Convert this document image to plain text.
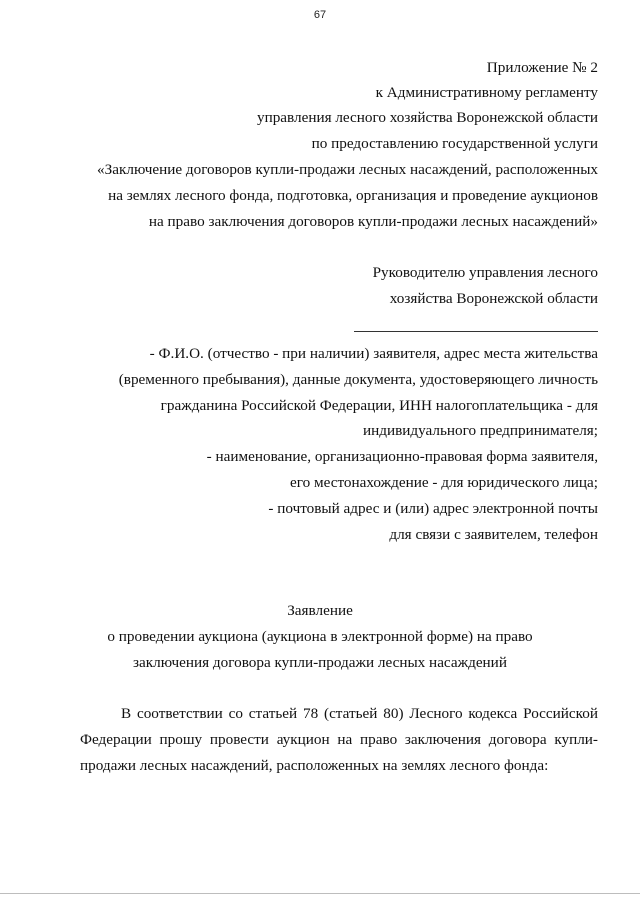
67
Приложение № 2
к Административному регламенту
управления лесного хозяйства Воронежской области
по предоставлению государственной услуги
«Заключение договоров купли-продажи лесных насаждений, расположенных
на землях лесного фонда, подготовка, организация и проведение аукционов
на право заключения договоров купли-продажи лесных насаждений»
Руководителю управления лесного
хозяйства Воронежской области
- Ф.И.О. (отчество - при наличии) заявителя, адрес места жительства
(временного пребывания), данные документа, удостоверяющего личность
гражданина Российской Федерации, ИНН налогоплательщика - для
индивидуального предпринимателя;
- наименование, организационно-правовая форма заявителя,
его местонахождение - для юридического лица;
- почтовый адрес и (или) адрес электронной почты
для связи с заявителем, телефон
Заявление
о проведении аукциона (аукциона в электронной форме) на право
заключения договора купли-продажи лесных насаждений
В соответствии со статьей 78 (статьей 80) Лесного кодекса Российской
Федерации прошу провести аукцион на право заключения договора купли-
продажи лесных насаждений, расположенных на землях лесного фонда:
